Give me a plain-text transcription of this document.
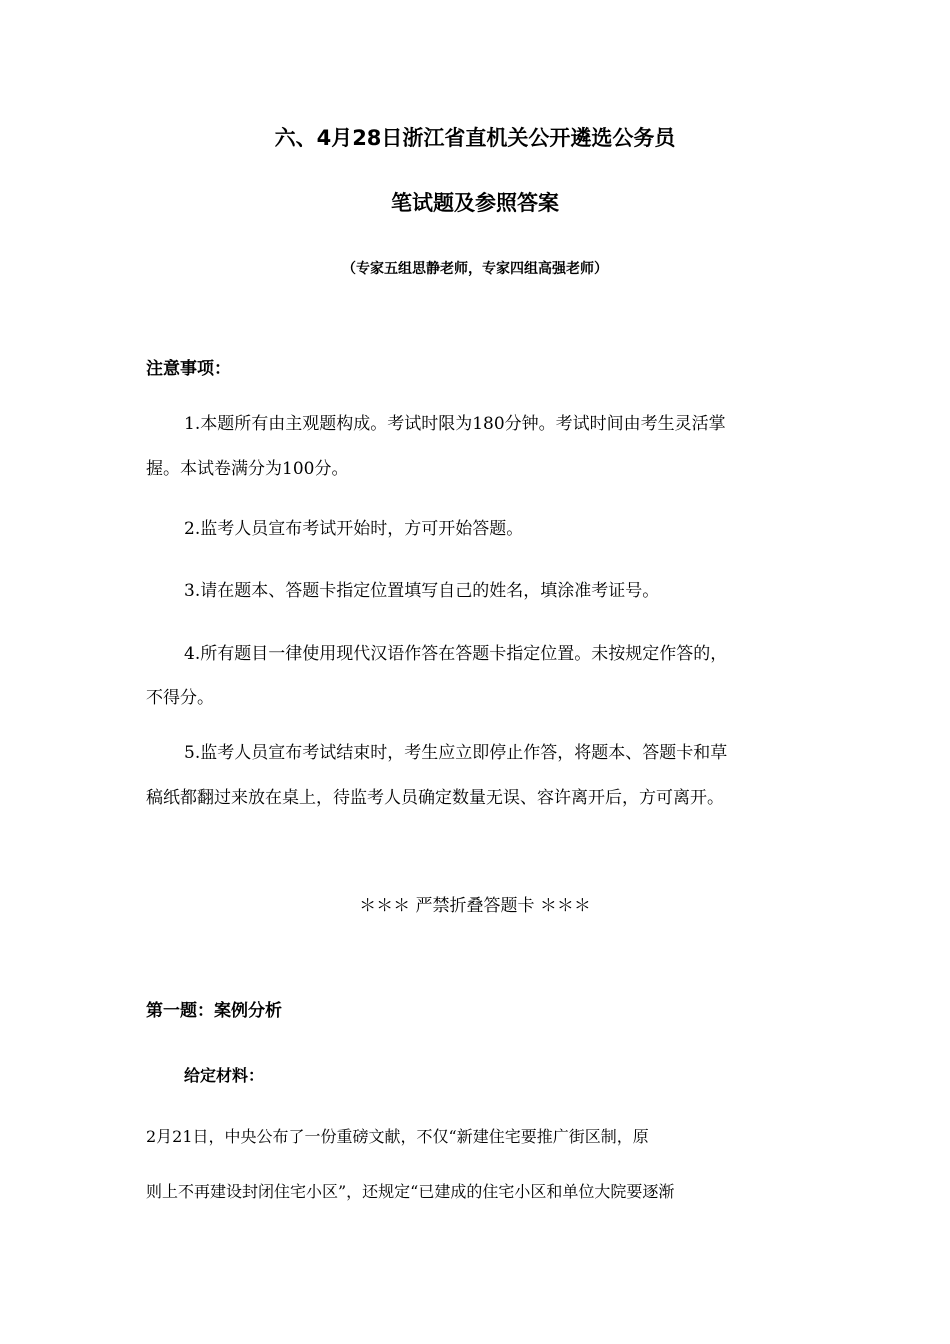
六、4月28日浙江省直机关公开遴选公务员
笔试题及参照答案
（专家五组思静老师，专家四组高强老师）
注意事项：
1.本题所有由主观题构成。考试时限为180分钟。考试时间由考生灵活掌
握。本试卷满分为100分。
2.监考人员宣布考试开始时，方可开始答题。
3.请在题本、答题卡指定位置填写自己的姓名，填涂准考证号。
4.所有题目一律使用现代汉语作答在答题卡指定位置。未按规定作答的，
不得分。
5.监考人员宣布考试结束时，考生应立即停止作答，将题本、答题卡和草
稿纸都翻过来放在桌上，待监考人员确定数量无误、容许离开后，方可离开。
＊＊＊ 严禁折叠答题卡 ＊＊＊
第一题：案例分析
给定材料：
2月21日，中央公布了一份重磅文献，不仅“新建住宅要推广街区制，原
则上不再建设封闭住宅小区”，还规定“已建成的住宅小区和单位大院要逐渐
